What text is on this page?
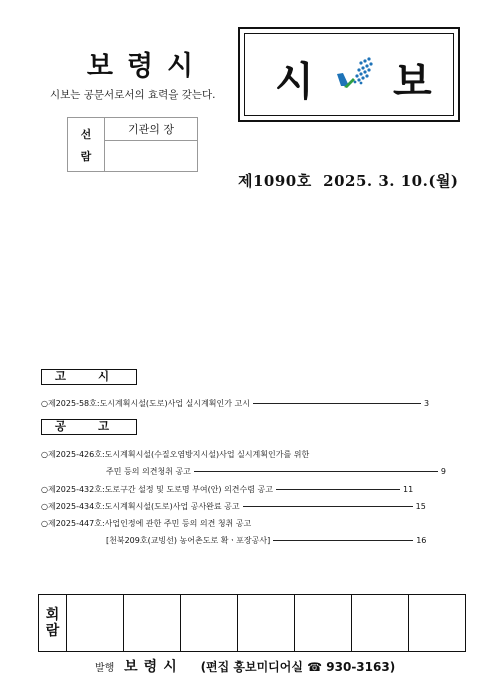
보령시
시보는 공문서로서의 효력을 갖는다. 시 보
선
람
	기관의 장

제1090호  2025. 3. 10.(월)
고 시
○제2025-58호:도시계획시설(도로)사업 실시계획인가 고시	3
공 고
○제2025-426호:도시계획시설(수질오염방지시설)사업 실시계획인가를 위한
주민 등의 의견청취 공고	9
○제2025-432호:도로구간 설정 및 도로명 부여(안) 의견수렴 공고	11
○제2025-434호:도시계획시설(도로)사업 공사완료 공고	15
○제2025-447호:사업인정에 관한 주민 등의 의견 청취 공고
[천북209호(교빙선) 농어촌도로 확ㆍ포장공사]	16
회
람

발행 보령시 (편집 홍보미디어실 ☎ 930-3163)
